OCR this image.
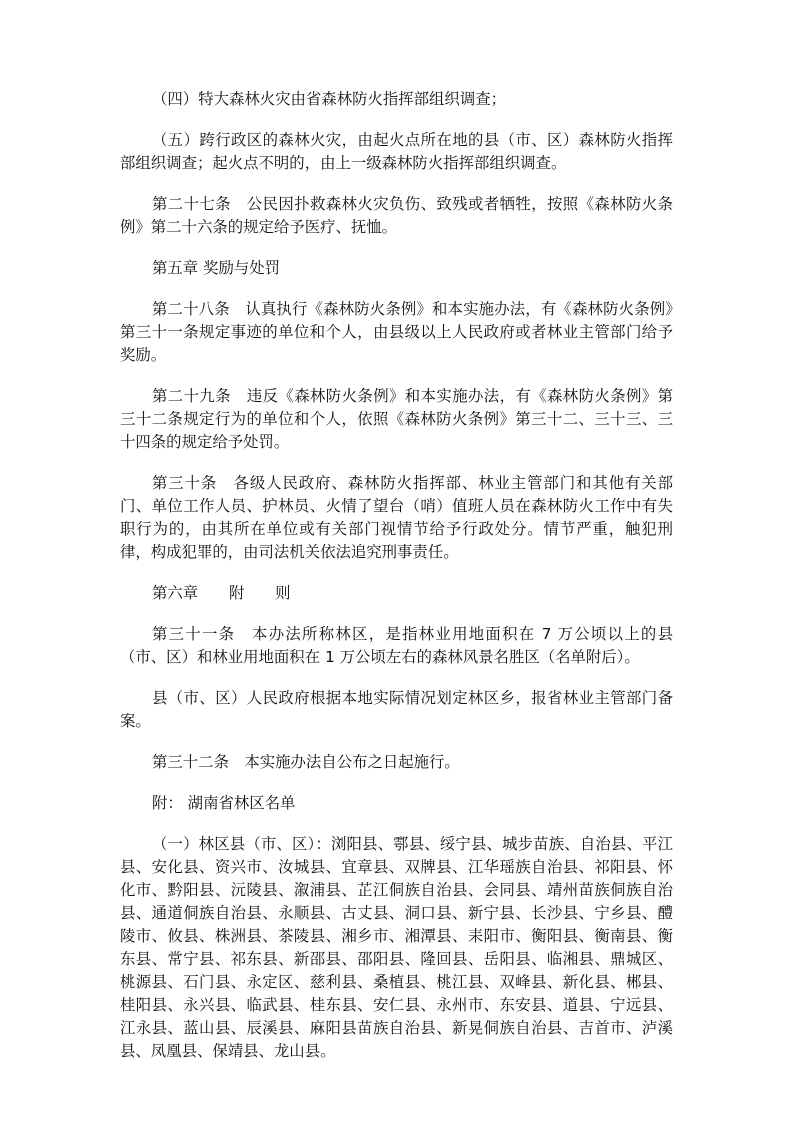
（四）特大森林火灾由省森林防火指挥部组织调查；

（五）跨行政区的森林火灾，由起火点所在地的县（市、区）森林防火指挥部组织调查；起火点不明的，由上一级森林防火指挥部组织调查。

第二十七条　公民因扑救森林火灾负伤、致残或者牺牲，按照《森林防火条例》第二十六条的规定给予医疗、抚恤。

第五章 奖励与处罚

第二十八条　认真执行《森林防火条例》和本实施办法，有《森林防火条例》第三十一条规定事迹的单位和个人，由县级以上人民政府或者林业主管部门给予奖励。

第二十九条　违反《森林防火条例》和本实施办法，有《森林防火条例》第三十二条规定行为的单位和个人，依照《森林防火条例》第三十二、三十三、三十四条的规定给予处罚。

第三十条　各级人民政府、森林防火指挥部、林业主管部门和其他有关部门、单位工作人员、护林员、火情了望台（哨）值班人员在森林防火工作中有失职行为的，由其所在单位或有关部门视情节给予行政处分。情节严重，触犯刑律，构成犯罪的，由司法机关依法追究刑事责任。

第六章　　附　　则

第三十一条　本办法所称林区，是指林业用地面积在 7 万公顷以上的县（市、区）和林业用地面积在 1 万公顷左右的森林风景名胜区（名单附后）。

县（市、区）人民政府根据本地实际情况划定林区乡，报省林业主管部门备案。

第三十二条　本实施办法自公布之日起施行。

附： 湖南省林区名单

（一）林区县（市、区）：浏阳县、鄠县、绥宁县、城步苗族、自治县、平江县、安化县、资兴市、汝城县、宜章县、双牌县、江华瑶族自治县、祁阳县、怀化市、黔阳县、沅陵县、溆浦县、芷江侗族自治县、会同县、靖州苗族侗族自治县、通道侗族自治县、永顺县、古丈县、洞口县、新宁县、长沙县、宁乡县、醴陵市、攸县、株洲县、茶陵县、湘乡市、湘潭县、耒阳市、衡阳县、衡南县、衡东县、常宁县、祁东县、新邵县、邵阳县、隆回县、岳阳县、临湘县、鼎城区、桃源县、石门县、永定区、慈利县、桑植县、桃江县、双峰县、新化县、郴县、桂阳县、永兴县、临武县、桂东县、安仁县、永州市、东安县、道县、宁远县、江永县、蓝山县、辰溪县、麻阳县苗族自治县、新晃侗族自治县、吉首市、泸溪县、凤凰县、保靖县、龙山县。
